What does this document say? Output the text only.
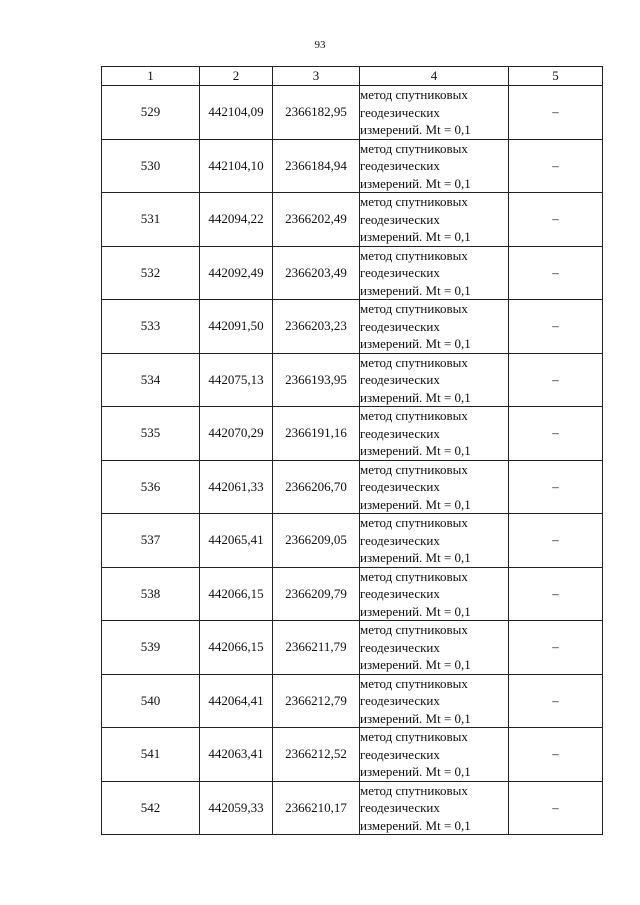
93
1	2	3	4	5
529	442104,09	2366182,95	метод спутниковых
геодезических
измерений. Mt = 0,1	–
530	442104,10	2366184,94	метод спутниковых
геодезических
измерений. Mt = 0,1	–
531	442094,22	2366202,49	метод спутниковых
геодезических
измерений. Mt = 0,1	–
532	442092,49	2366203,49	метод спутниковых
геодезических
измерений. Mt = 0,1	–
533	442091,50	2366203,23	метод спутниковых
геодезических
измерений. Mt = 0,1	–
534	442075,13	2366193,95	метод спутниковых
геодезических
измерений. Mt = 0,1	–
535	442070,29	2366191,16	метод спутниковых
геодезических
измерений. Mt = 0,1	–
536	442061,33	2366206,70	метод спутниковых
геодезических
измерений. Mt = 0,1	–
537	442065,41	2366209,05	метод спутниковых
геодезических
измерений. Mt = 0,1	–
538	442066,15	2366209,79	метод спутниковых
геодезических
измерений. Mt = 0,1	–
539	442066,15	2366211,79	метод спутниковых
геодезических
измерений. Mt = 0,1	–
540	442064,41	2366212,79	метод спутниковых
геодезических
измерений. Mt = 0,1	–
541	442063,41	2366212,52	метод спутниковых
геодезических
измерений. Mt = 0,1	–
542	442059,33	2366210,17	метод спутниковых
геодезических
измерений. Mt = 0,1	–
